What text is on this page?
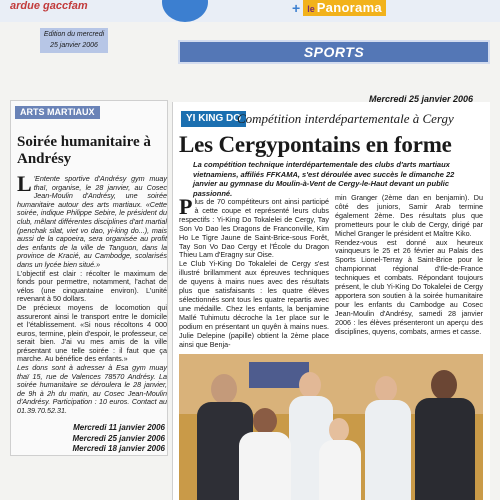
ardue gaccfam	+ le Panorama
Edition du mercredi
25 janvier 2006	SPORTS
ARTS MARTIAUX
Soirée humanitaire à Andrésy

L 'Entente sportive d'Andrésy gym muay thaï, organise, le 28 janvier, au Cosec Jean-Moulin d'Andrésy, une soirée humanitaire autour des arts martiaux. «Cette soirée, indique Philippe Sebire, le président du club, mêlant différentes disciplines d'art martial (penchak silat, viet vo dao, yi-king do...), mais aussi de la capoeira, sera organisée au profit des enfants de la ville de Tanguon, dans la province de Kracié, au Cambodge, scolarisés dans un lycée bien situé.»

L'objectif est clair : récolter le maximum de fonds pour permettre, notamment, l'achat de vélos (une cinquantaine environ). L'unité revenant à 50 dollars.

De précieux moyens de locomotion qui assureront ainsi le transport entre le domicile et l'établissement. «Si nous récoltons 4 000 euros, termine, plein d'espoir, le professeur, ce serait bien. J'ai vu mes amis de la ville présentant une telle soirée : il faut que ça marche. Au bénéfice des enfants.»

Les dons sont à adresser à Esa gym muay thaï 15, rue de Valences 78570 Andrésy. La soirée humanitaire se déroulera le 28 janvier, de 9h à 2h du matin, au Cosec Jean-Moulin d'Andrésy. Participation : 10 euros. Contact au 01.39.70.52.31.

Mercredi 11 janvier 2006
Mercredi 25 janvier 2006
Mercredi 18 janvier 2006
Mercredi 25 janvier 2006
YI KING DO
Compétition interdépartementale à Cergy
Les Cergypontains en forme
La compétition technique interdépartementale des clubs d'arts martiaux vietnamiens, affiliés FFKAMA, s'est déroulée avec succès le dimanche 22 janvier au gymnase du Moulin-à-Vent de Cergy-le-Haut devant un public passionné.

Plus de 70 compétiteurs ont ainsi participé à cette coupe et représenté leurs clubs respectifs : Yi-King Do Tokalelei de Cergy, Tay Son Vo Dao les Dragons de Franconville, Kim Ho Le Tigre Jaune de Saint-Brice-sous Forêt, Tay Son Vo Dao Cergy et l'École du Dragon Thieu Lam d'Eragny sur Oise.

Le Club Yi-King Do Tokalelei de Cergy s'est illustré brillamment aux épreuves techniques de quyens à mains nues avec des résultats plus que satisfaisants : les quatre élèves sélectionnés sont tous les quatre repartis avec une médaille. Chez les enfants, la benjamine Maïlé Tuhimutu décroche la 1er place sur le podium en présentant un quyên à mains nues. Julie Delepine (papille) obtient la 2ème place ainsi que Benja-

min Granger (2ème dan en benjamin). Du côté des juniors, Samir Arab termine également 2ème. Des résultats plus que prometteurs pour le club de Cergy, dirigé par Michel Granger le président et Maître Kiko.

Rendez-vous est donné aux heureux vainqueurs le 25 et 26 février au Palais des Sports Lionel-Terray à Saint-Brice pour le championnat régional d'Ile-de-France techniques et combats. Répondant toujours présent, le club Yi-King Do Tokalelei de Cergy apportera son soutien à la soirée humanitaire pour les enfants du Cambodge au Cosec Jean-Moulin d'Andrésy, samedi 28 janvier 2006 : les élèves présenteront un aperçu des disciplines, quyens, combats, armes et casse.
